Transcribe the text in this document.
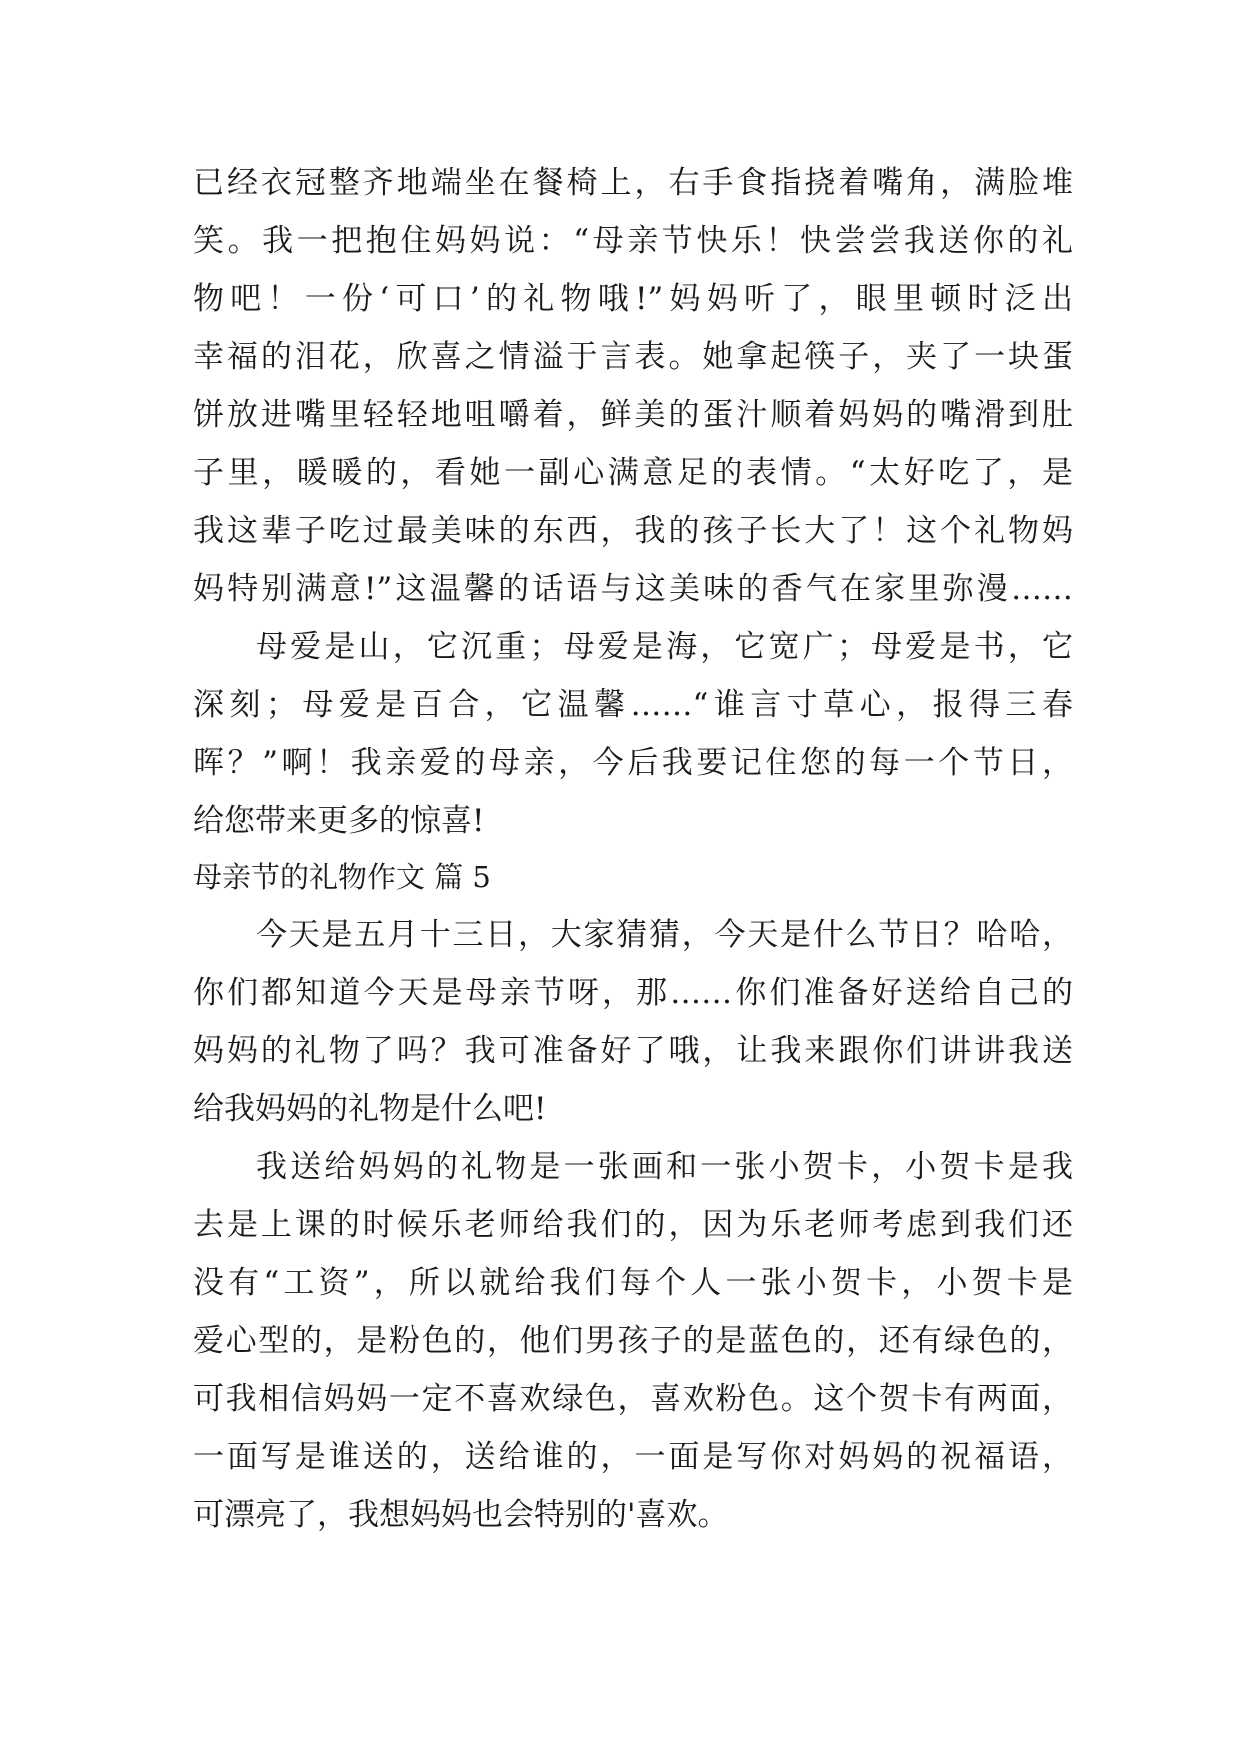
已经衣冠整齐地端坐在餐椅上，右手食指挠着嘴角，满脸堆
笑。我一把抱住妈妈说：“母亲节快乐！快尝尝我送你的礼
物吧！一份‘可口’的礼物哦!”妈妈听了，眼里顿时泛出
幸福的泪花，欣喜之情溢于言表。她拿起筷子，夹了一块蛋
饼放进嘴里轻轻地咀嚼着，鲜美的蛋汁顺着妈妈的嘴滑到肚
子里，暖暖的，看她一副心满意足的表情。“太好吃了，是
我这辈子吃过最美味的东西，我的孩子长大了！这个礼物妈
妈特别满意!”这温馨的话语与这美味的香气在家里弥漫……
母爱是山，它沉重；母爱是海，它宽广；母爱是书，它
深刻；母爱是百合，它温馨……“谁言寸草心，报得三春
晖？”啊！我亲爱的母亲，今后我要记住您的每一个节日，
给您带来更多的惊喜!
母亲节的礼物作文 篇 5
今天是五月十三日，大家猜猜，今天是什么节日？哈哈，
你们都知道今天是母亲节呀，那……你们准备好送给自己的
妈妈的礼物了吗？我可准备好了哦，让我来跟你们讲讲我送
给我妈妈的礼物是什么吧!
我送给妈妈的礼物是一张画和一张小贺卡，小贺卡是我
去是上课的时候乐老师给我们的，因为乐老师考虑到我们还
没有“工资”，所以就给我们每个人一张小贺卡，小贺卡是
爱心型的，是粉色的，他们男孩子的是蓝色的，还有绿色的，
可我相信妈妈一定不喜欢绿色，喜欢粉色。这个贺卡有两面，
一面写是谁送的，送给谁的，一面是写你对妈妈的祝福语，
可漂亮了，我想妈妈也会特别的'喜欢。
